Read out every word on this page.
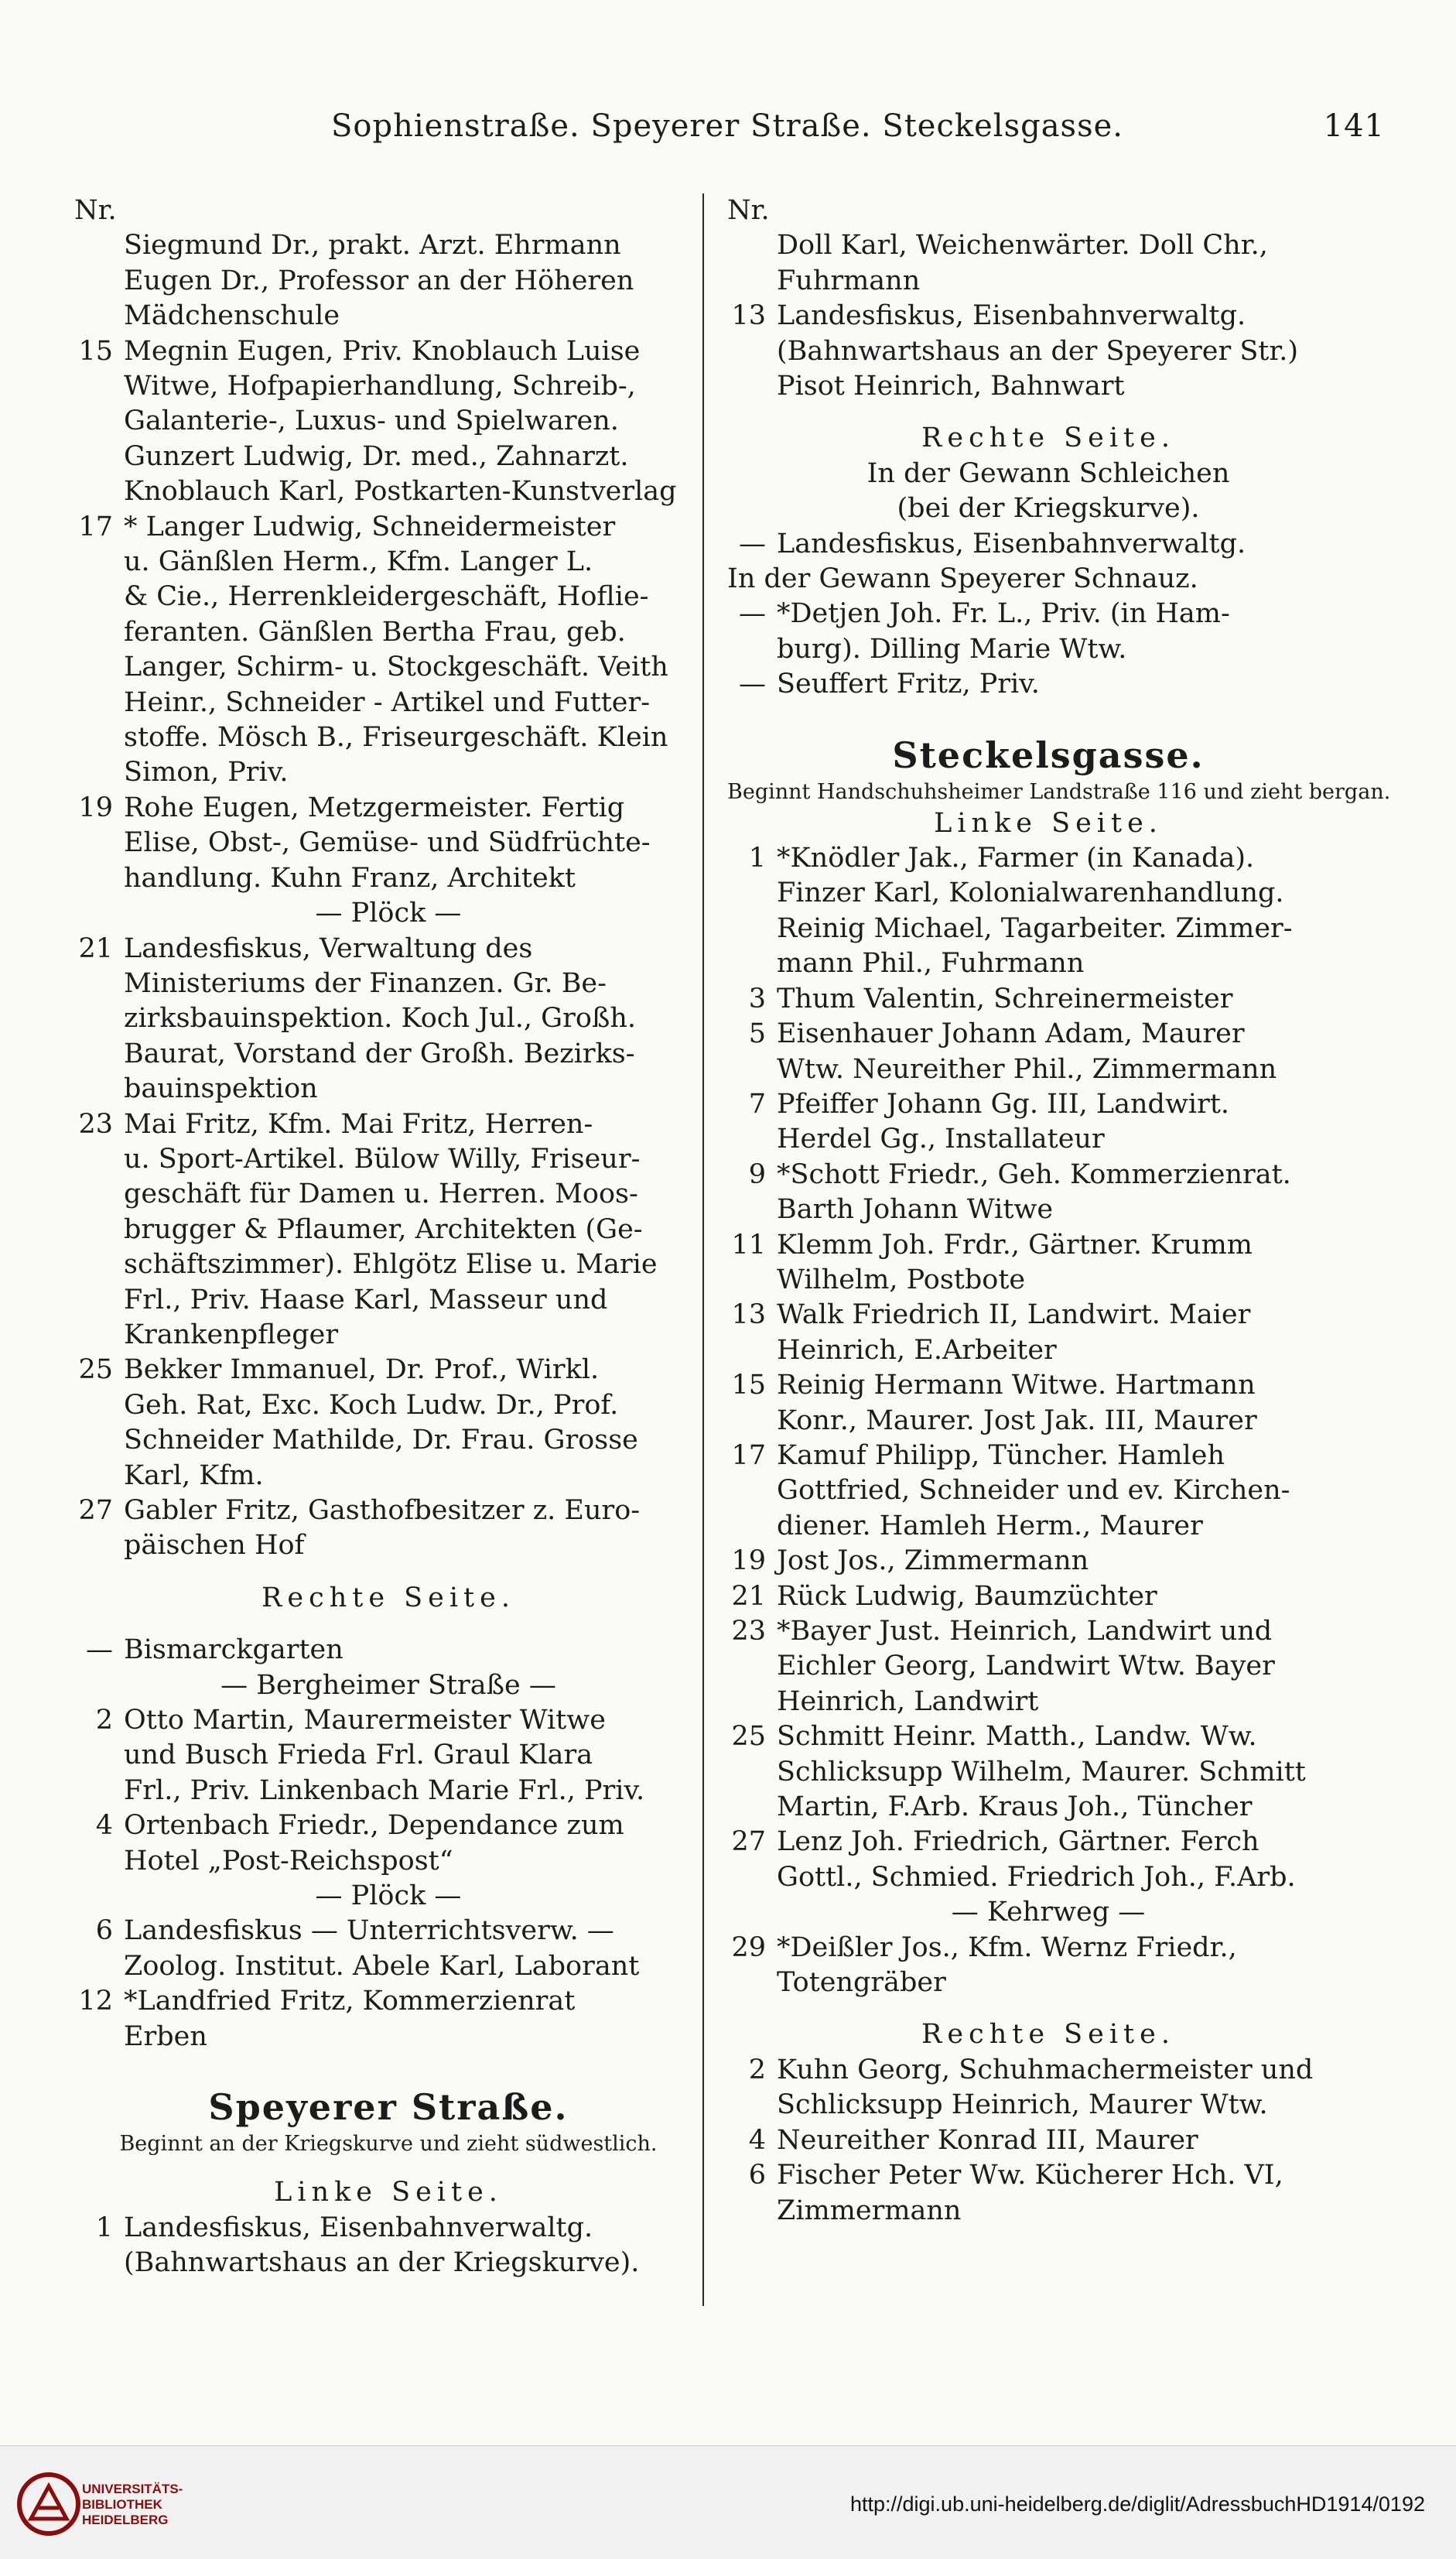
Sophienstraße. Speyerer Straße. Steckelsgasse.	141
Nr.
Siegmund Dr., prakt. Arzt. Ehrmann
Eugen Dr., Professor an der Höheren
Mädchenschule
15 Megnin Eugen, Priv. Knoblauch Luise
Witwe, Hofpapierhandlung, Schreib-,
Galanterie-, Luxus- und Spielwaren.
Gunzert Ludwig, Dr. med., Zahnarzt.
Knoblauch Karl, Postkarten-Kunstverlag
17 * Langer Ludwig, Schneidermeister
u. Gänßlen Herm., Kfm. Langer L.
& Cie., Herrenkleidergeschäft, Hoflie-
feranten. Gänßlen Bertha Frau, geb.
Langer, Schirm- u. Stockgeschäft. Veith
Heinr., Schneider - Artikel und Futter-
stoffe. Mösch B., Friseurgeschäft. Klein
Simon, Priv.
19 Rohe Eugen, Metzgermeister. Fertig
Elise, Obst-, Gemüse- und Südfrüchte-
handlung. Kuhn Franz, Architekt
— Plöck —
21 Landesfiskus, Verwaltung des
Ministeriums der Finanzen. Gr. Be-
zirksbauinspektion. Koch Jul., Großh.
Baurat, Vorstand der Großh. Bezirks-
bauinspektion
23 Mai Fritz, Kfm. Mai Fritz, Herren-
u. Sport-Artikel. Bülow Willy, Friseur-
geschäft für Damen u. Herren. Moos-
brugger & Pflaumer, Architekten (Ge-
schäftszimmer). Ehlgötz Elise u. Marie
Frl., Priv. Haase Karl, Masseur und
Krankenpfleger
25 Bekker Immanuel, Dr. Prof., Wirkl.
Geh. Rat, Exc. Koch Ludw. Dr., Prof.
Schneider Mathilde, Dr. Frau. Grosse
Karl, Kfm.
27 Gabler Fritz, Gasthofbesitzer z. Euro-
päischen Hof
Rechte Seite.
— Bismarckgarten
— Bergheimer Straße —
2 Otto Martin, Maurermeister Witwe
und Busch Frieda Frl. Graul Klara
Frl., Priv. Linkenbach Marie Frl., Priv.
4 Ortenbach Friedr., Dependance zum
Hotel „Post-Reichspost“
— Plöck —
6 Landesfiskus — Unterrichtsverw. —
Zoolog. Institut. Abele Karl, Laborant
12 *Landfried Fritz, Kommerzienrat
Erben
Speyerer Straße.
Beginnt an der Kriegskurve und zieht südwestlich.
Linke Seite.
1 Landesfiskus, Eisenbahnverwaltg.
(Bahnwartshaus an der Kriegskurve).
Nr.
Doll Karl, Weichenwärter. Doll Chr.,
Fuhrmann
13 Landesfiskus, Eisenbahnverwaltg.
(Bahnwartshaus an der Speyerer Str.)
Pisot Heinrich, Bahnwart
Rechte Seite.
In der Gewann Schleichen
(bei der Kriegskurve).
— Landesfiskus, Eisenbahnverwaltg.
In der Gewann Speyerer Schnauz.
— *Detjen Joh. Fr. L., Priv. (in Ham-
burg). Dilling Marie Wtw.
— Seuffert Fritz, Priv.
Steckelsgasse.
Beginnt Handschuhsheimer Landstraße 116 und zieht bergan.
Linke Seite.
1 *Knödler Jak., Farmer (in Kanada).
Finzer Karl, Kolonialwarenhandlung.
Reinig Michael, Tagarbeiter. Zimmer-
mann Phil., Fuhrmann
3 Thum Valentin, Schreinermeister
5 Eisenhauer Johann Adam, Maurer
Wtw. Neureither Phil., Zimmermann
7 Pfeiffer Johann Gg. III, Landwirt.
Herdel Gg., Installateur
9 *Schott Friedr., Geh. Kommerzienrat.
Barth Johann Witwe
11 Klemm Joh. Frdr., Gärtner. Krumm
Wilhelm, Postbote
13 Walk Friedrich II, Landwirt. Maier
Heinrich, E.Arbeiter
15 Reinig Hermann Witwe. Hartmann
Konr., Maurer. Jost Jak. III, Maurer
17 Kamuf Philipp, Tüncher. Hamleh
Gottfried, Schneider und ev. Kirchen-
diener. Hamleh Herm., Maurer
19 Jost Jos., Zimmermann
21 Rück Ludwig, Baumzüchter
23 *Bayer Just. Heinrich, Landwirt und
Eichler Georg, Landwirt Wtw. Bayer
Heinrich, Landwirt
25 Schmitt Heinr. Matth., Landw. Ww.
Schlicksupp Wilhelm, Maurer. Schmitt
Martin, F.Arb. Kraus Joh., Tüncher
27 Lenz Joh. Friedrich, Gärtner. Ferch
Gottl., Schmied. Friedrich Joh., F.Arb.
— Kehrweg —
29 *Deißler Jos., Kfm. Wernz Friedr.,
Totengräber
Rechte Seite.
2 Kuhn Georg, Schuhmachermeister und
Schlicksupp Heinrich, Maurer Wtw.
4 Neureither Konrad III, Maurer
6 Fischer Peter Ww. Kücherer Hch. VI,
Zimmermann
UNIVERSITÄTS-
BIBLIOTHEK
HEIDELBERG
http://digi.ub.uni-heidelberg.de/diglit/AdressbuchHD1914/0192
